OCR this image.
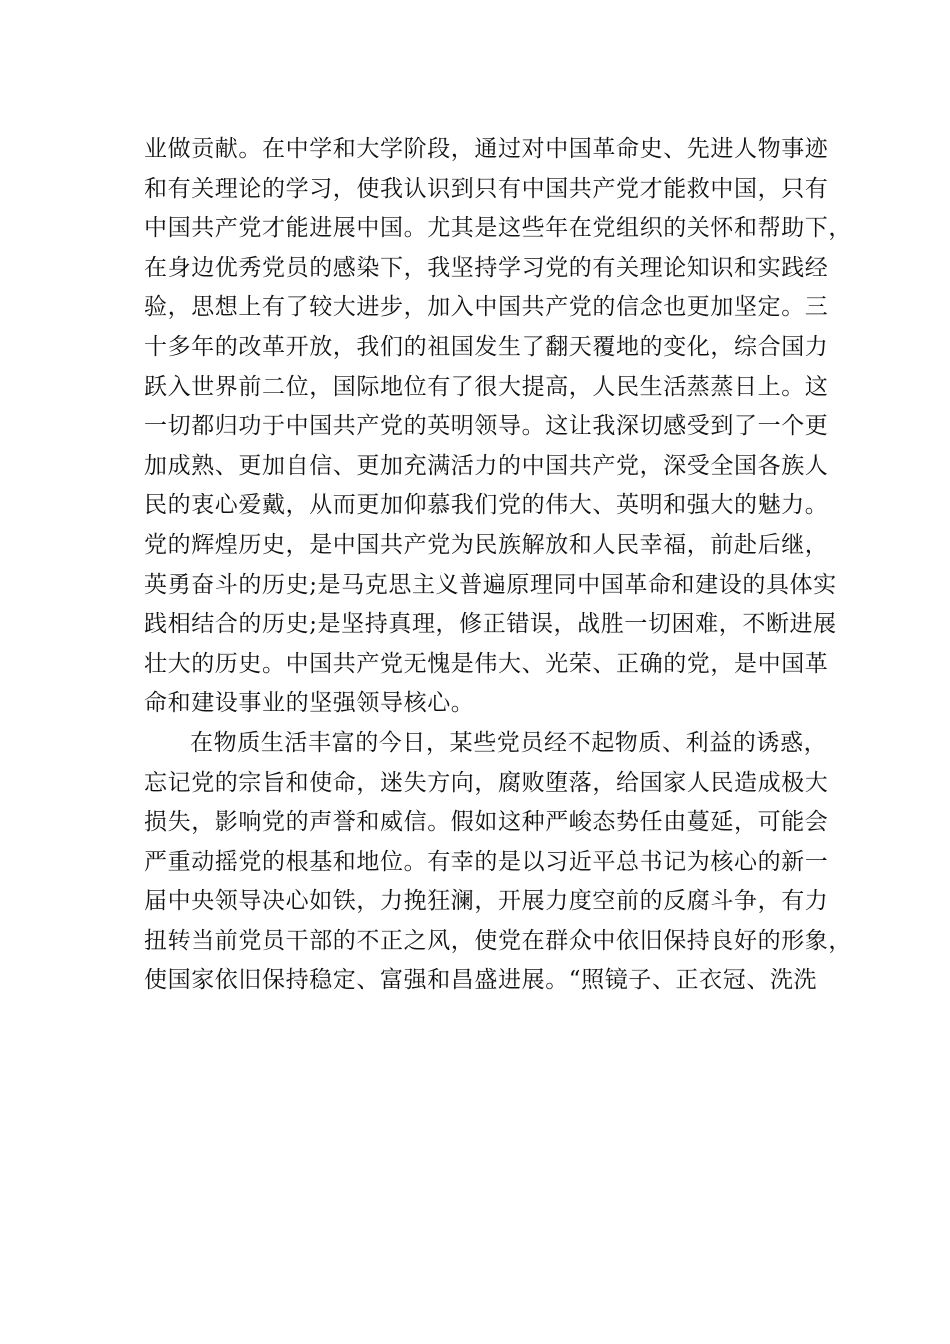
业做贡献。在中学和大学阶段，通过对中国革命史、先进人物事迹

和有关理论的学习，使我认识到只有中国共产党才能救中国，只有

中国共产党才能进展中国。尤其是这些年在党组织的关怀和帮助下，

在身边优秀党员的感染下，我坚持学习党的有关理论知识和实践经

验，思想上有了较大进步，加入中国共产党的信念也更加坚定。三

十多年的改革开放，我们的祖国发生了翻天覆地的变化，综合国力

跃入世界前二位，国际地位有了很大提高，人民生活蒸蒸日上。这

一切都归功于中国共产党的英明领导。这让我深切感受到了一个更

加成熟、更加自信、更加充满活力的中国共产党，深受全国各族人

民的衷心爱戴，从而更加仰慕我们党的伟大、英明和强大的魅力。

党的辉煌历史，是中国共产党为民族解放和人民幸福，前赴后继，

英勇奋斗的历史;是马克思主义普遍原理同中国革命和建设的具体实

践相结合的历史;是坚持真理，修正错误，战胜一切困难，不断进展

壮大的历史。中国共产党无愧是伟大、光荣、正确的党，是中国革

命和建设事业的坚强领导核心。

在物质生活丰富的今日，某些党员经不起物质、利益的诱惑，

忘记党的宗旨和使命，迷失方向，腐败堕落，给国家人民造成极大

损失，影响党的声誉和威信。假如这种严峻态势任由蔓延，可能会

严重动摇党的根基和地位。有幸的是以习近平总书记为核心的新一

届中央领导决心如铁，力挽狂澜，开展力度空前的反腐斗争，有力

扭转当前党员干部的不正之风，使党在群众中依旧保持良好的形象，

使国家依旧保持稳定、富强和昌盛进展。“照镜子、正衣冠、洗洗
